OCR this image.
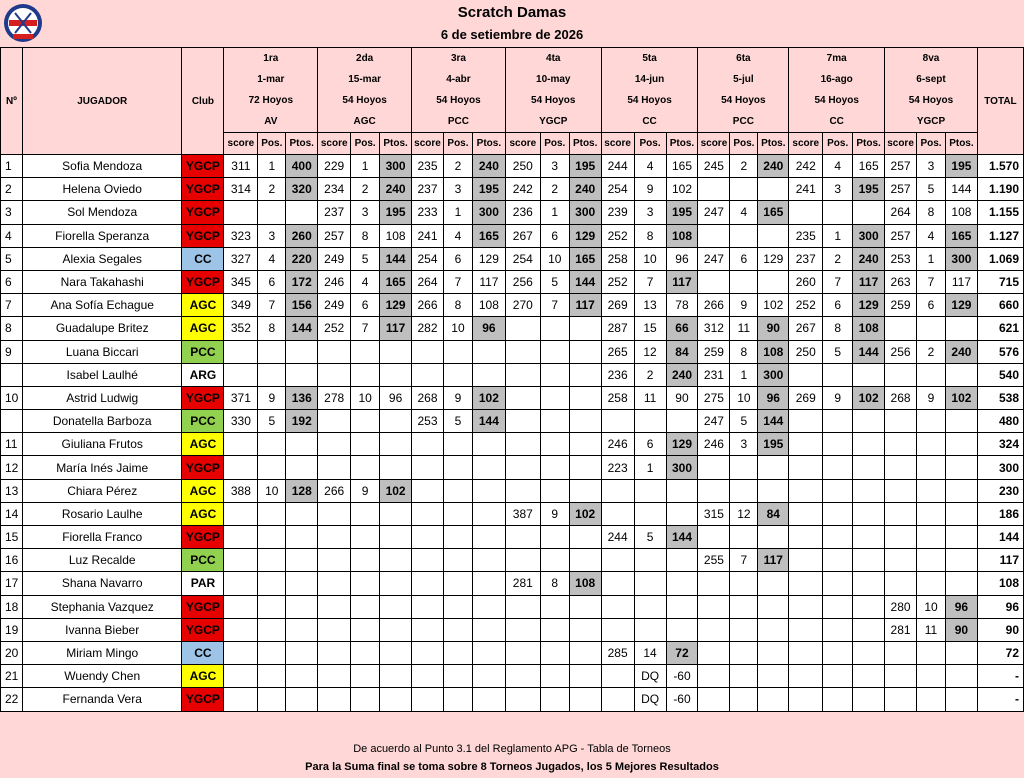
Scratch Damas
6 de setiembre de 2026
Nº	JUGADOR	Club	1ra			2da			3ra			4ta			5ta			6ta			7ma			8va			TOTAL
			1-mar			15-mar			4-abr			10-may			14-jun			5-jul			16-ago			6-sept			
			72 Hoyos			54 Hoyos			54 Hoyos			54 Hoyos			54 Hoyos			54 Hoyos			54 Hoyos			54 Hoyos			
			AV			AGC			PCC			YGCP			CC			PCC			CC			YGCP			
			score	Pos.	Ptos.	score	Pos.	Ptos.	score	Pos.	Ptos.	score	Pos.	Ptos.	score	Pos.	Ptos.	score	Pos.	Ptos.	score	Pos.	Ptos.	score	Pos.	Ptos.	
1	Sofia Mendoza	YGCP	311	1	400	229	1	300	235	2	240	250	3	195	244	4	165	245	2	240	242	4	165	257	3	195	1.570
2	Helena Oviedo	YGCP	314	2	320	234	2	240	237	3	195	242	2	240	254	9	102				241	3	195	257	5	144	1.190
3	Sol Mendoza	YGCP				237	3	195	233	1	300	236	1	300	239	3	195	247	4	165				264	8	108	1.155
4	Fiorella Speranza	YGCP	323	3	260	257	8	108	241	4	165	267	6	129	252	8	108				235	1	300	257	4	165	1.127
5	Alexia Segales	CC	327	4	220	249	5	144	254	6	129	254	10	165	258	10	96	247	6	129	237	2	240	253	1	300	1.069
6	Nara Takahashi	YGCP	345	6	172	246	4	165	264	7	117	256	5	144	252	7	117				260	7	117	263	7	117	715
7	Ana Sofía Echague	AGC	349	7	156	249	6	129	266	8	108	270	7	117	269	13	78	266	9	102	252	6	129	259	6	129	660
8	Guadalupe Britez	AGC	352	8	144	252	7	117	282	10	96				287	15	66	312	11	90	267	8	108				621
9	Luana Biccari	PCC													265	12	84	259	8	108	250	5	144	256	2	240	576
	Isabel Laulhé	ARG													236	2	240	231	1	300							540
10	Astrid Ludwig	YGCP	371	9	136	278	10	96	268	9	102				258	11	90	275	10	96	269	9	102	268	9	102	538
	Donatella Barboza	PCC	330	5	192				253	5	144							247	5	144							480
11	Giuliana Frutos	AGC													246	6	129	246	3	195							324
12	María Inés Jaime	YGCP													223	1	300										300
13	Chiara Pérez	AGC	388	10	128	266	9	102																			230
14	Rosario Laulhe	AGC										387	9	102				315	12	84							186
15	Fiorella Franco	YGCP													244	5	144										144
16	Luz Recalde	PCC																255	7	117							117
17	Shana Navarro	PAR										281	8	108													108
18	Stephania Vazquez	YGCP																						280	10	96	96
19	Ivanna Bieber	YGCP																						281	11	90	90
20	Miriam Mingo	CC													285	14	72										72
21	Wuendy Chen	AGC														DQ	-60										-
22	Fernanda Vera	YGCP														DQ	-60										-
De acuerdo al Punto 3.1 del Reglamento APG - Tabla de Torneos
Para la Suma final se toma sobre 8 Torneos Jugados, los 5 Mejores Resultados
